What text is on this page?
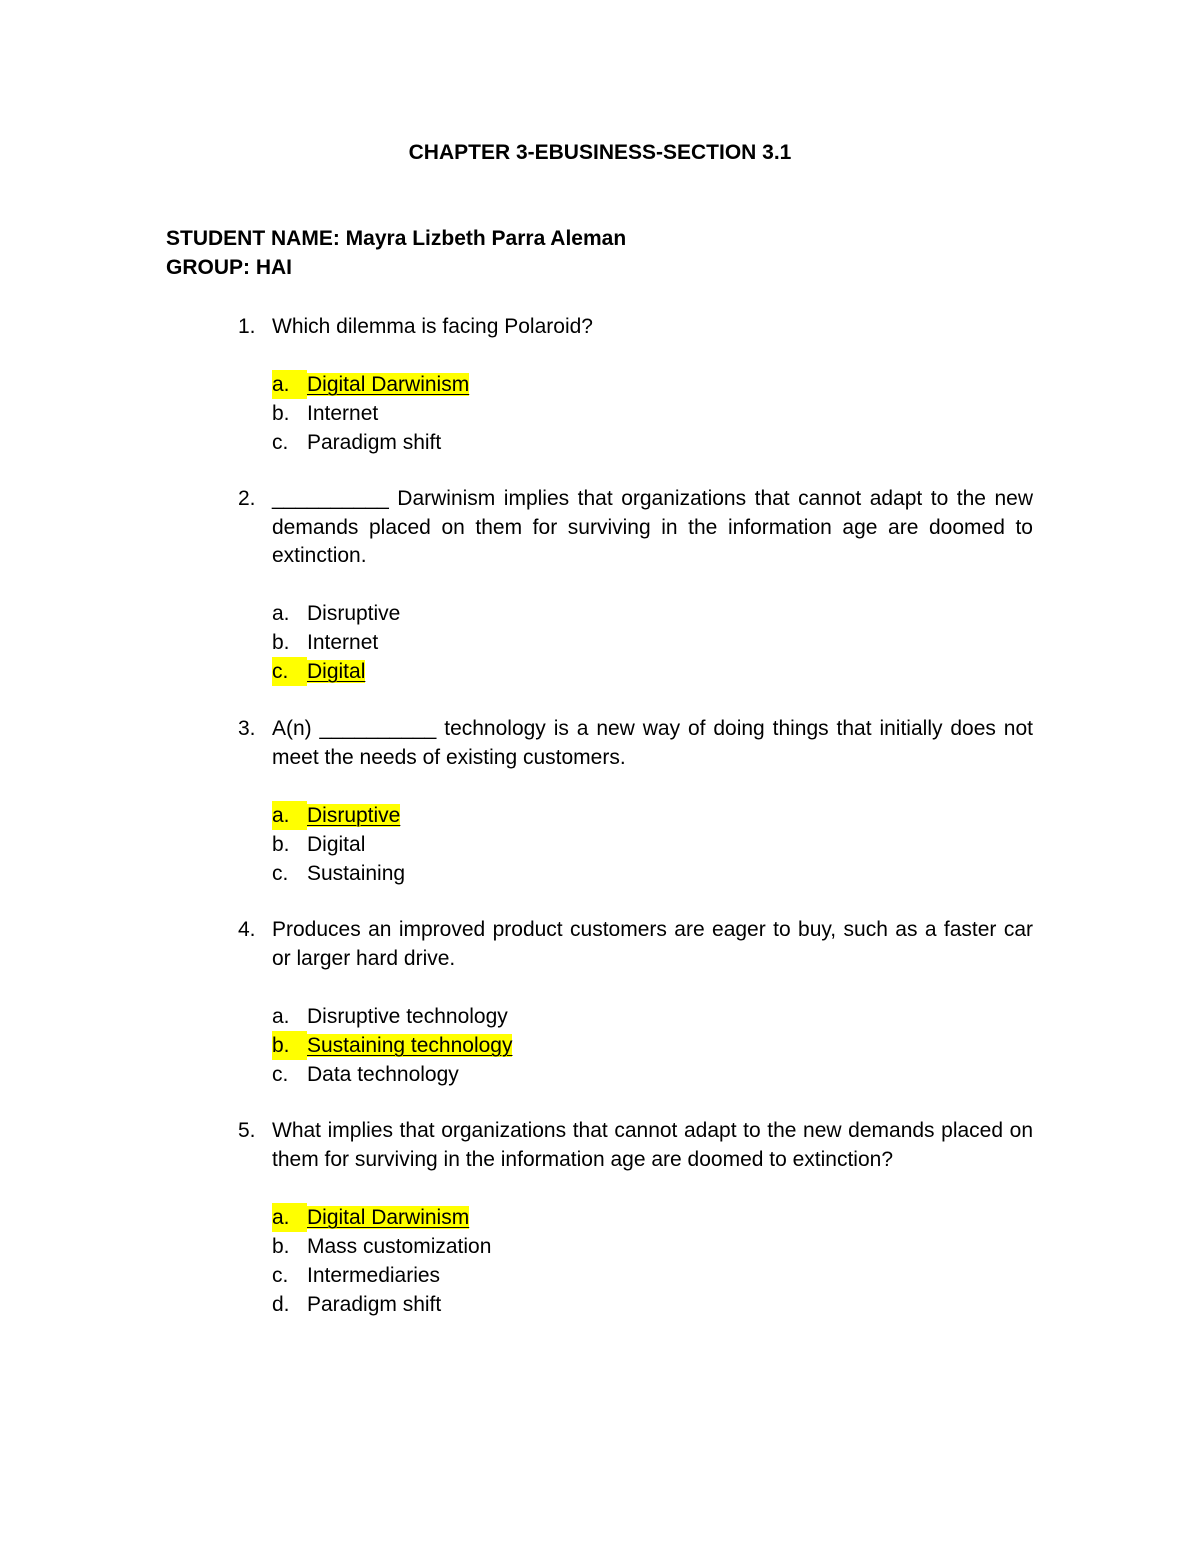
CHAPTER 3-EBUSINESS-SECTION 3.1
STUDENT NAME: Mayra Lizbeth Parra Aleman
GROUP: HAI
1. Which dilemma is facing Polaroid?
a. Digital Darwinism
b. Internet
c. Paradigm shift
2. __________ Darwinism implies that organizations that cannot adapt to the new demands placed on them for surviving in the information age are doomed to extinction.
a. Disruptive
b. Internet
c. Digital
3. A(n) __________ technology is a new way of doing things that initially does not meet the needs of existing customers.
a. Disruptive
b. Digital
c. Sustaining
4. Produces an improved product customers are eager to buy, such as a faster car or larger hard drive.
a. Disruptive technology
b. Sustaining technology
c. Data technology
5. What implies that organizations that cannot adapt to the new demands placed on them for surviving in the information age are doomed to extinction?
a. Digital Darwinism
b. Mass customization
c. Intermediaries
d. Paradigm shift
